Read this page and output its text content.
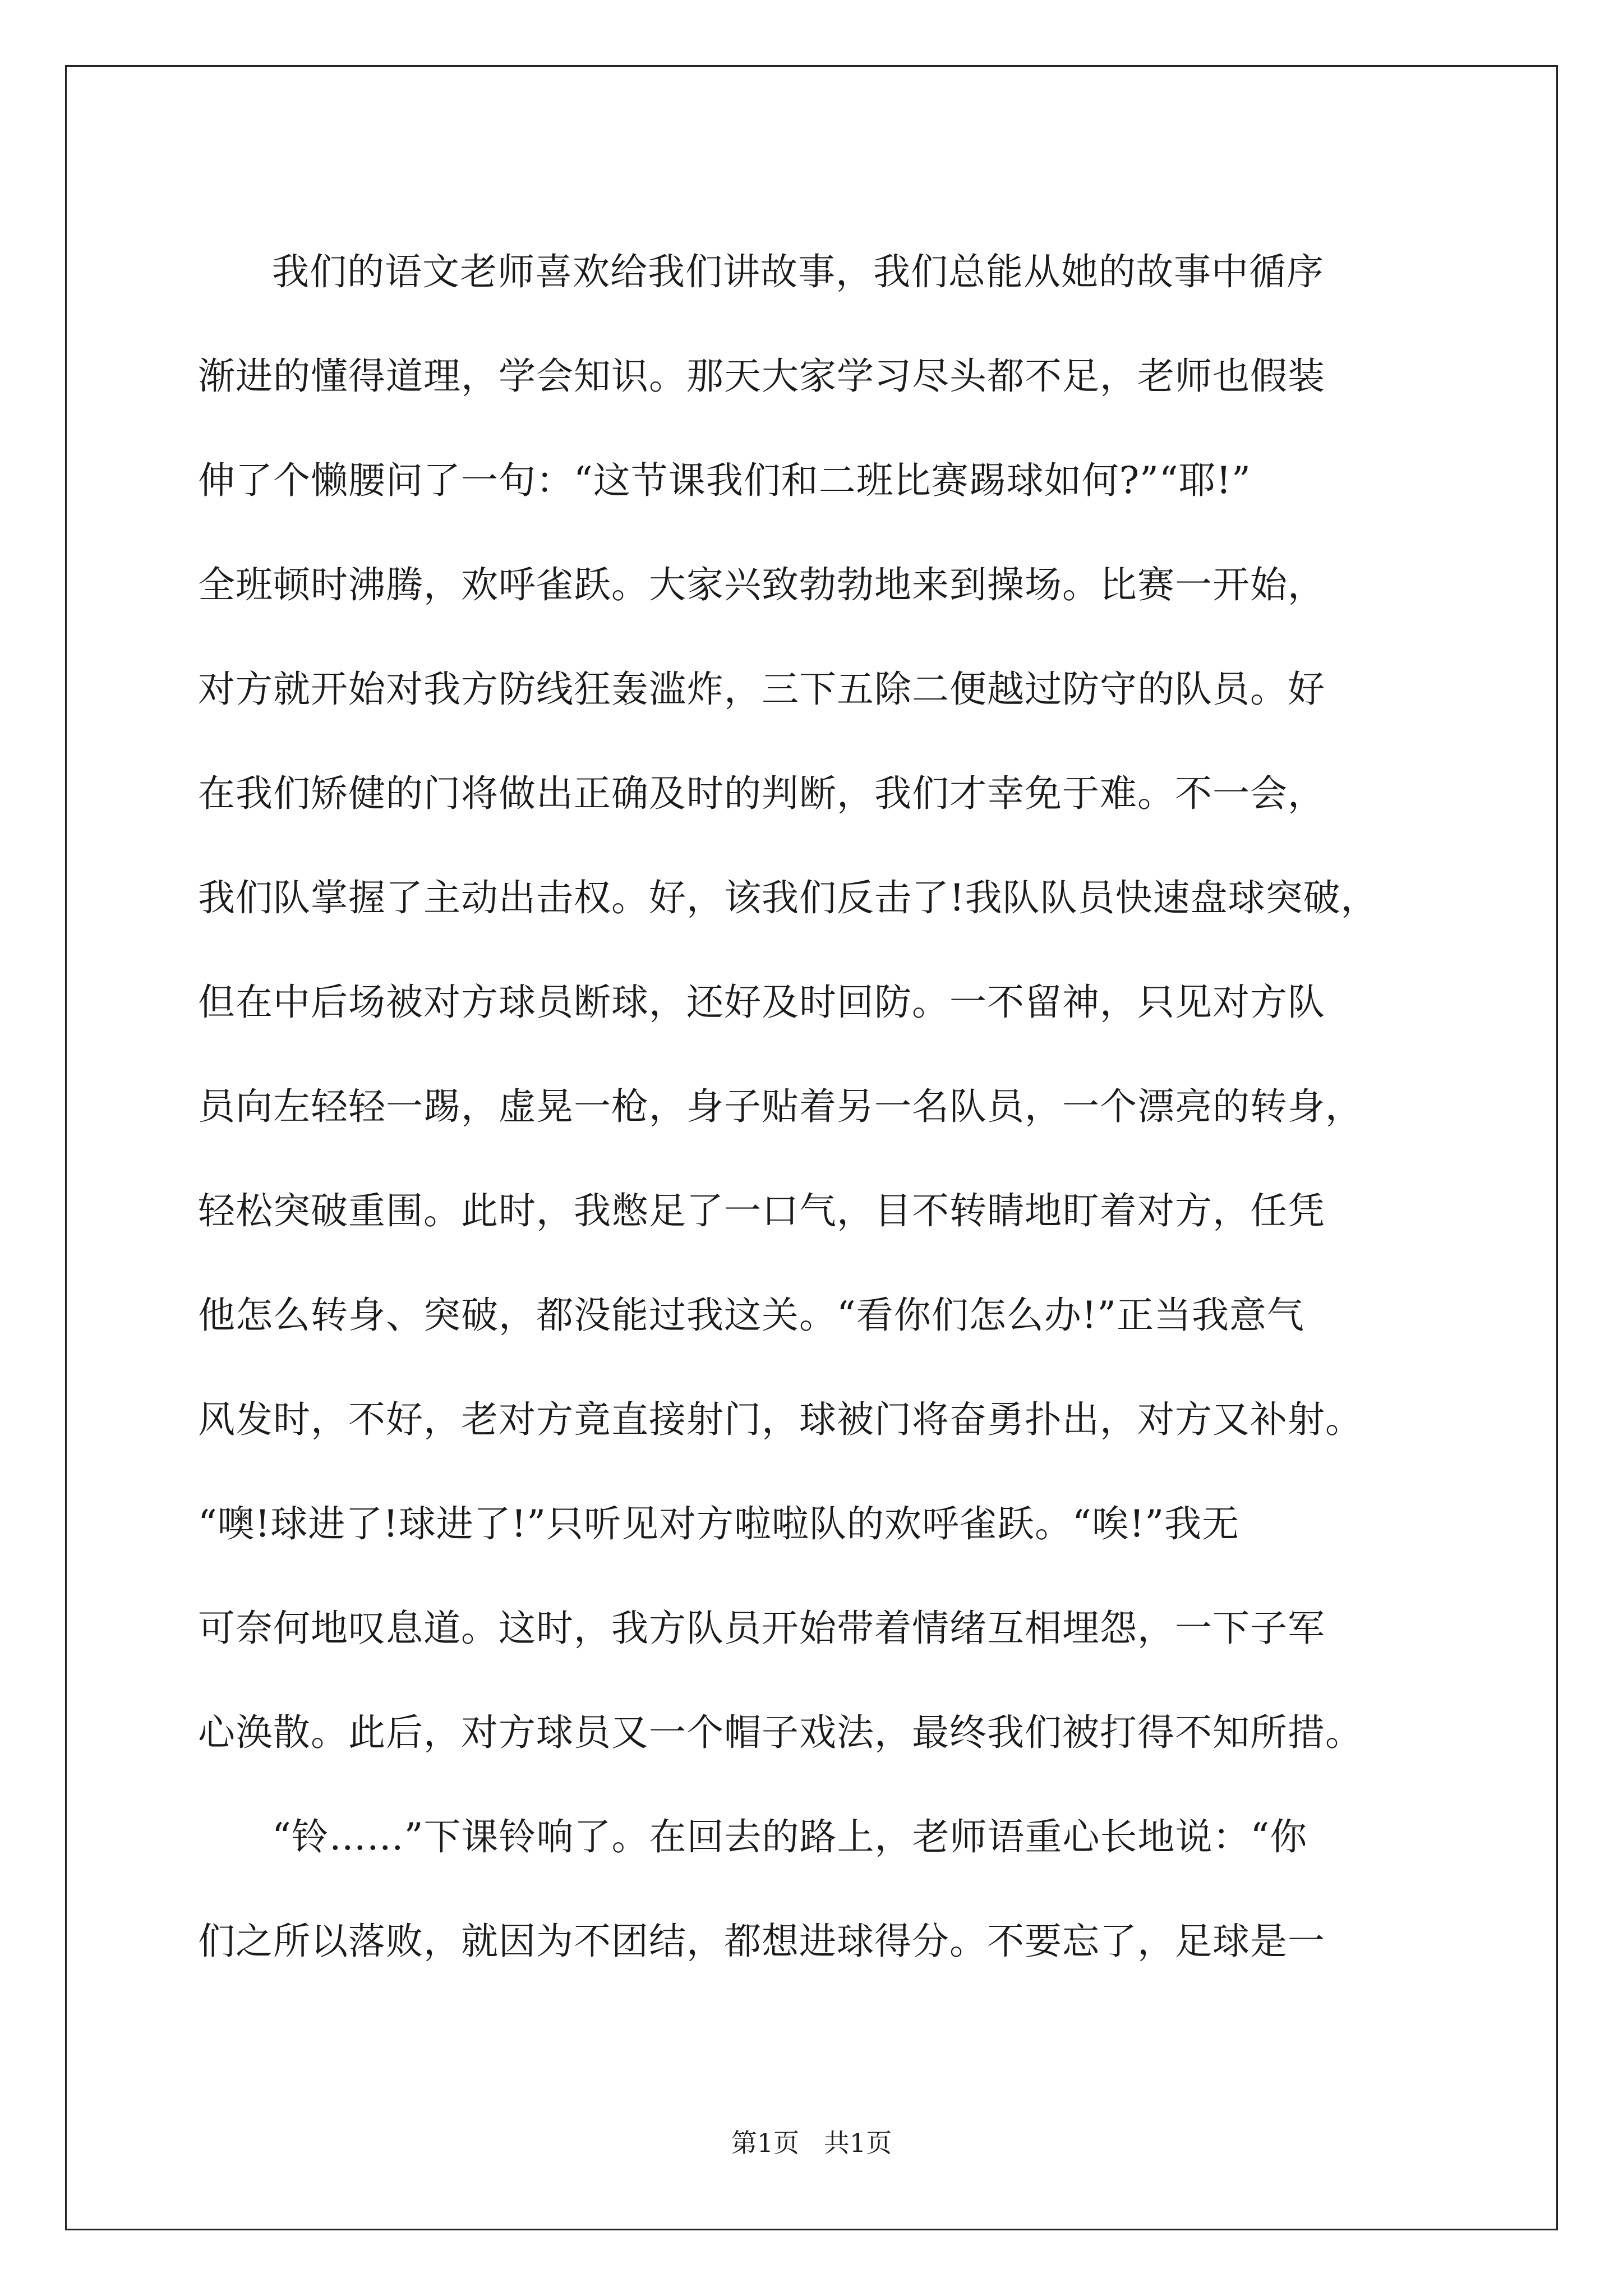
我们的语文老师喜欢给我们讲故事，我们总能从她的故事中循序
渐进的懂得道理，学会知识。那天大家学习尽头都不足，老师也假装
伸了个懒腰问了一句：“这节课我们和二班比赛踢球如何?”“耶!”
全班顿时沸腾，欢呼雀跃。大家兴致勃勃地来到操场。比赛一开始，
对方就开始对我方防线狂轰滥炸，三下五除二便越过防守的队员。好
在我们矫健的门将做出正确及时的判断，我们才幸免于难。不一会，
我们队掌握了主动出击权。好，该我们反击了!我队队员快速盘球突破，
但在中后场被对方球员断球，还好及时回防。一不留神，只见对方队
员向左轻轻一踢，虚晃一枪，身子贴着另一名队员，一个漂亮的转身，
轻松突破重围。此时，我憋足了一口气，目不转睛地盯着对方，任凭
他怎么转身、突破，都没能过我这关。“看你们怎么办!”正当我意气
风发时，不好，老对方竟直接射门，球被门将奋勇扑出，对方又补射。
“噢!球进了!球进了!”只听见对方啦啦队的欢呼雀跃。“唉!”我无
可奈何地叹息道。这时，我方队员开始带着情绪互相埋怨，一下子军
心涣散。此后，对方球员又一个帽子戏法，最终我们被打得不知所措。
“铃……”下课铃响了。在回去的路上，老师语重心长地说：“你
们之所以落败，就因为不团结，都想进球得分。不要忘了，足球是一
第1页   共1页
